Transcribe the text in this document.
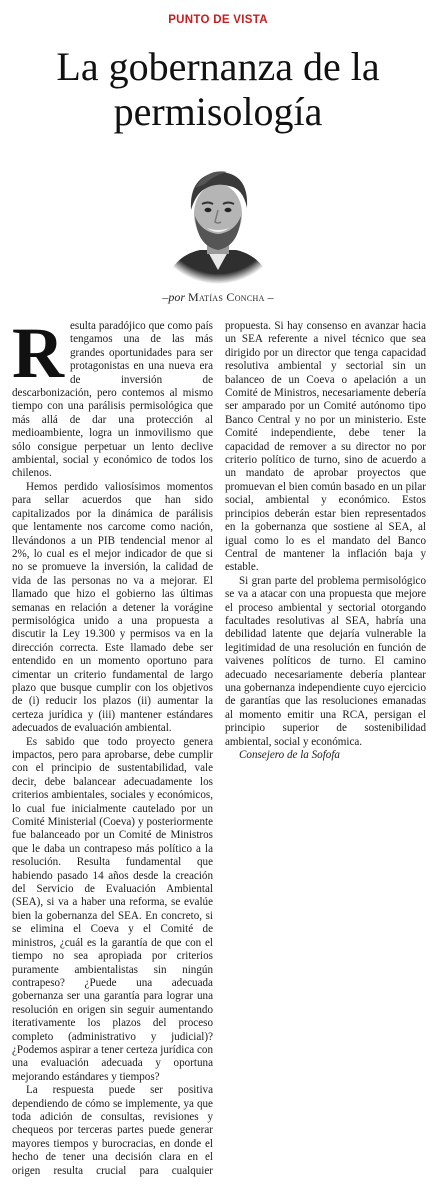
PUNTO DE VISTA
La gobernanza de la permisología
–por Matías Concha –

Resulta paradójico que como país tengamos una de las más grandes oportunidades para ser protagonistas en una nueva era de inversión de descarbonización, pero contemos al mismo tiempo con una parálisis permisológica que más allá de dar una protección al medioambiente, logra un inmovilismo que sólo consigue perpetuar un lento declive ambiental, social y económico de todos los chilenos.

Hemos perdido valiosísimos momentos para sellar acuerdos que han sido capitalizados por la dinámica de parálisis que lentamente nos carcome como nación, llevándonos a un PIB tendencial menor al 2%, lo cual es el mejor indicador de que si no se promueve la inversión, la calidad de vida de las personas no va a mejorar. El llamado que hizo el gobierno las últimas semanas en relación a detener la vorágine permisológica unido a una propuesta a discutir la Ley 19.300 y permisos va en la dirección correcta. Este llamado debe ser entendido en un momento oportuno para cimentar un criterio fundamental de largo plazo que busque cumplir con los objetivos de (i) reducir los plazos (ii) aumentar la certeza jurídica y (iii) mantener estándares adecuados de evaluación ambiental.

Es sabido que todo proyecto genera impactos, pero para aprobarse, debe cumplir con el principio de sustentabilidad, vale decir, debe balancear adecuadamente los criterios ambientales, sociales y económicos, lo cual fue inicialmente cautelado por un Comité Ministerial (Coeva) y posteriormente fue balanceado por un Comité de Ministros que le daba un contrapeso más político a la resolución. Resulta fundamental que habiendo pasado 14 años desde la creación del Servicio de Evaluación Ambiental (SEA), si va a haber una reforma, se evalúe bien la gobernanza del SEA. En concreto, si se elimina el Coeva y el Comité de ministros, ¿cuál es la garantía de que con el tiempo no sea apropiada por criterios puramente ambientalistas sin ningún contrapeso? ¿Puede una adecuada gobernanza ser una garantía para lograr una resolución en origen sin seguir aumentando iterativamente los plazos del proceso completo (administrativo y judicial)? ¿Podemos aspirar a tener certeza jurídica con una evaluación adecuada y oportuna mejorando estándares y tiempos?

La respuesta puede ser positiva dependiendo de cómo se implemente, ya que toda adición de consultas, revisiones y chequeos por terceras partes puede generar mayores tiempos y burocracias, en donde el hecho de tener una decisión clara en el origen resulta crucial para cualquier propuesta. Si hay consenso en avanzar hacia un SEA referente a nivel técnico que sea dirigido por un director que tenga capacidad resolutiva ambiental y sectorial sin un balanceo de un Coeva o apelación a un Comité de Ministros, necesariamente debería ser amparado por un Comité autónomo tipo Banco Central y no por un ministerio. Este Comité independiente, debe tener la capacidad de remover a su director no por criterio político de turno, sino de acuerdo a un mandato de aprobar proyectos que promuevan el bien común basado en un pilar social, ambiental y económico. Estos principios deberán estar bien representados en la gobernanza que sostiene al SEA, al igual como lo es el mandato del Banco Central de mantener la inflación baja y estable.

Si gran parte del problema permisológico se va a atacar con una propuesta que mejore el proceso ambiental y sectorial otorgando facultades resolutivas al SEA, habría una debilidad latente que dejaría vulnerable la legitimidad de una resolución en función de vaivenes políticos de turno. El camino adecuado necesariamente debería plantear una gobernanza independiente cuyo ejercicio de garantías que las resoluciones emanadas al momento emitir una RCA, persigan el principio superior de sostenibilidad ambiental, social y económica.

Consejero de la Sofofa
